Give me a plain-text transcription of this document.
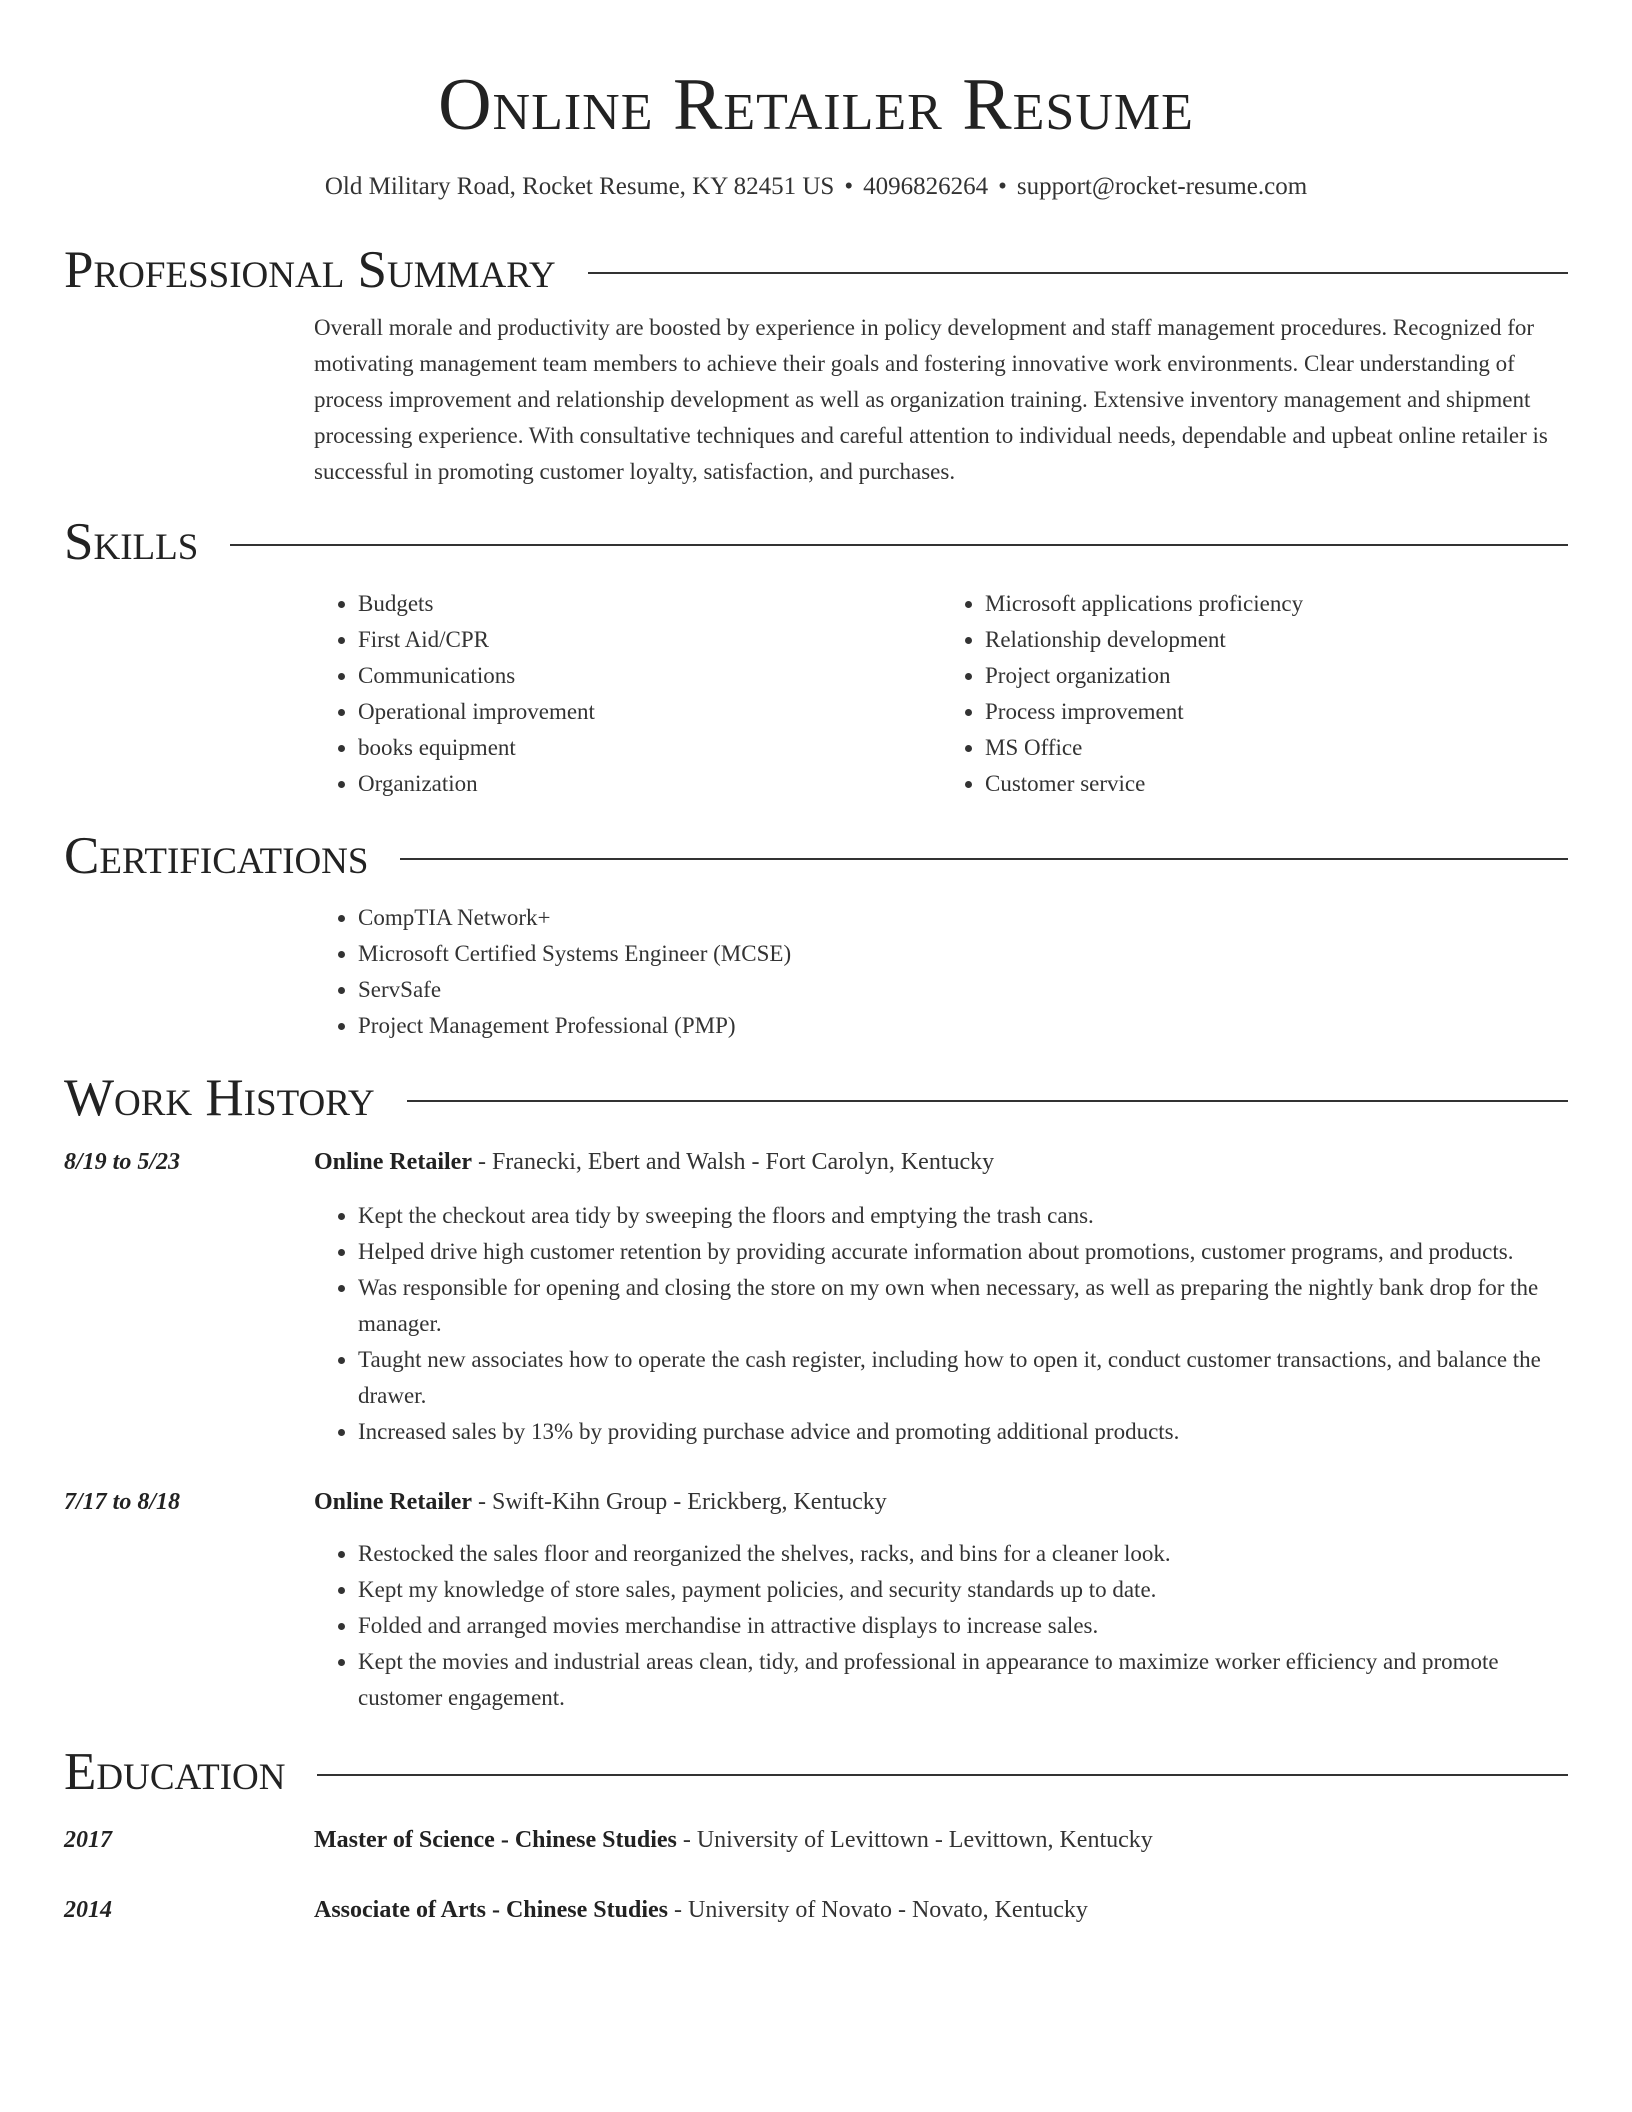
Online Retailer Resume
Old Military Road, Rocket Resume, KY 82451 US • 4096826264 • support@rocket-resume.com
Professional Summary

Overall morale and productivity are boosted by experience in policy development and staff management procedures. Recognized for motivating management team members to achieve their goals and fostering innovative work environments. Clear understanding of process improvement and relationship development as well as organization training. Extensive inventory management and shipment processing experience. With consultative techniques and careful attention to individual needs, dependable and upbeat online retailer is successful in promoting customer loyalty, satisfaction, and purchases.

Skills
• Budgets
• First Aid/CPR
• Communications
• Operational improvement
• books equipment
• Organization
• Microsoft applications proficiency
• Relationship development
• Project organization
• Process improvement
• MS Office
• Customer service
Certifications
• CompTIA Network+
• Microsoft Certified Systems Engineer (MCSE)
• ServSafe
• Project Management Professional (PMP)
Work History
8/19 to 5/23	Online Retailer - Franecki, Ebert and Walsh - Fort Carolyn, Kentucky
• Kept the checkout area tidy by sweeping the floors and emptying the trash cans.
• Helped drive high customer retention by providing accurate information about promotions, customer programs, and products.
• Was responsible for opening and closing the store on my own when necessary, as well as preparing the nightly bank drop for the manager.
• Taught new associates how to operate the cash register, including how to open it, conduct customer transactions, and balance the drawer.
• Increased sales by 13% by providing purchase advice and promoting additional products.
7/17 to 8/18	Online Retailer - Swift-Kihn Group - Erickberg, Kentucky
• Restocked the sales floor and reorganized the shelves, racks, and bins for a cleaner look.
• Kept my knowledge of store sales, payment policies, and security standards up to date.
• Folded and arranged movies merchandise in attractive displays to increase sales.
• Kept the movies and industrial areas clean, tidy, and professional in appearance to maximize worker efficiency and promote customer engagement.
Education
2017	Master of Science - Chinese Studies - University of Levittown - Levittown, Kentucky
2014	Associate of Arts - Chinese Studies - University of Novato - Novato, Kentucky
